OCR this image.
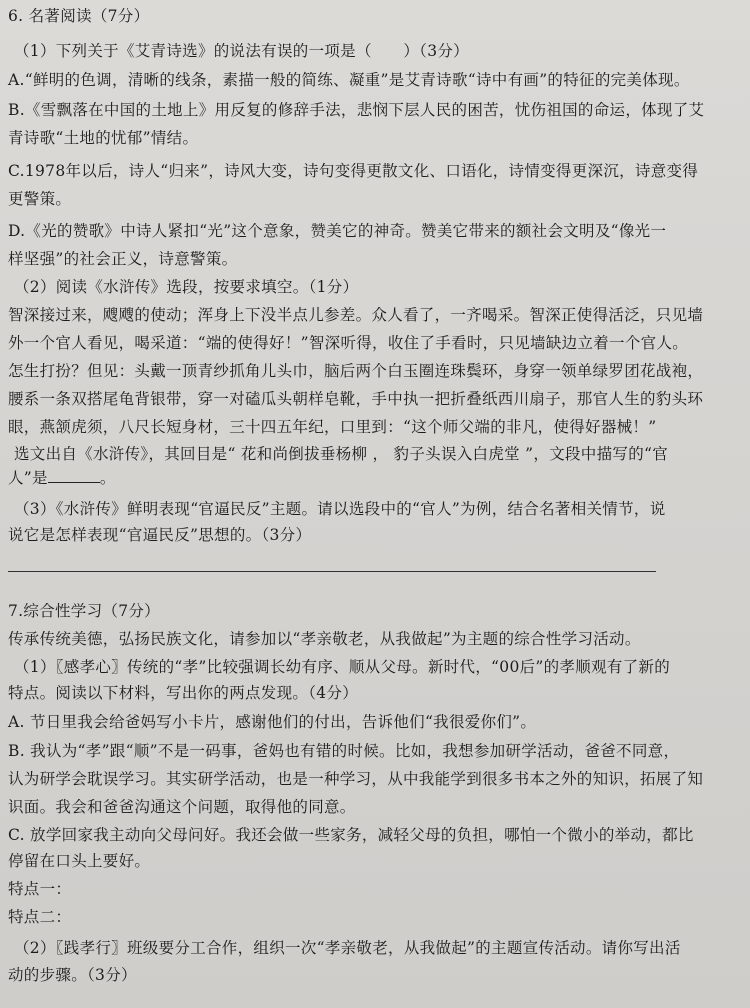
6. 名著阅读（7分）
（1）下列关于《艾青诗选》的说法有误的一项是（　　）（3分）
A.“鲜明的色调，清晰的线条，素描一般的简练、凝重”是艾青诗歌“诗中有画”的特征的完美体现。
B.《雪飘落在中国的土地上》用反复的修辞手法，悲悯下层人民的困苦，忧伤祖国的命运，体现了艾
青诗歌“土地的忧郁”情结。
C.1978年以后，诗人“归来”，诗风大变，诗句变得更散文化、口语化，诗情变得更深沉，诗意变得
更警策。
D.《光的赞歌》中诗人紧扣“光”这个意象，赞美它的神奇。赞美它带来的额社会文明及“像光一
样坚强”的社会正义，诗意警策。
（2）阅读《水浒传》选段，按要求填空。（1分）
智深接过来，飕飕的使动；浑身上下没半点儿参差。众人看了，一齐喝采。智深正使得活泛，只见墙
外一个官人看见，喝采道：“端的使得好！”智深听得，收住了手看时，只见墙缺边立着一个官人。
怎生打扮？但见：头戴一顶青纱抓角儿头巾，脑后两个白玉圈连珠鬓环，身穿一领单绿罗团花战袍，
腰系一条双搭尾龟背银带，穿一对磕瓜头朝样皂靴，手中执一把折叠纸西川扇子，那官人生的豹头环
眼，燕颔虎须，八尺长短身材，三十四五年纪，口里到：“这个师父端的非凡，使得好器械！”
选文出自《水浒传》，其回目是“ 花和尚倒拔垂杨柳 ， 豹子头误入白虎堂 ”，文段中描写的“官
人”是	。
（3）《水浒传》鲜明表现“官逼民反”主题。请以选段中的“官人”为例，结合名著相关情节，说
说它是怎样表现“官逼民反”思想的。（3分）
7.综合性学习（7分）
传承传统美德，弘扬民族文化，请参加以“孝亲敬老，从我做起”为主题的综合性学习活动。
（1）〖感孝心〗传统的“孝”比较强调长幼有序、顺从父母。新时代，“00后”的孝顺观有了新的
特点。阅读以下材料，写出你的两点发现。（4分）
A. 节日里我会给爸妈写小卡片，感谢他们的付出，告诉他们“我很爱你们”。
B. 我认为“孝”跟“顺”不是一码事，爸妈也有错的时候。比如，我想参加研学活动，爸爸不同意，
认为研学会耽误学习。其实研学活动，也是一种学习，从中我能学到很多书本之外的知识，拓展了知
识面。我会和爸爸沟通这个问题，取得他的同意。
C. 放学回家我主动向父母问好。我还会做一些家务，减轻父母的负担，哪怕一个微小的举动，都比
停留在口头上要好。
特点一：
特点二：
（2）〖践孝行〗班级要分工合作，组织一次“孝亲敬老，从我做起”的主题宣传活动。请你写出活
动的步骤。（3分）
